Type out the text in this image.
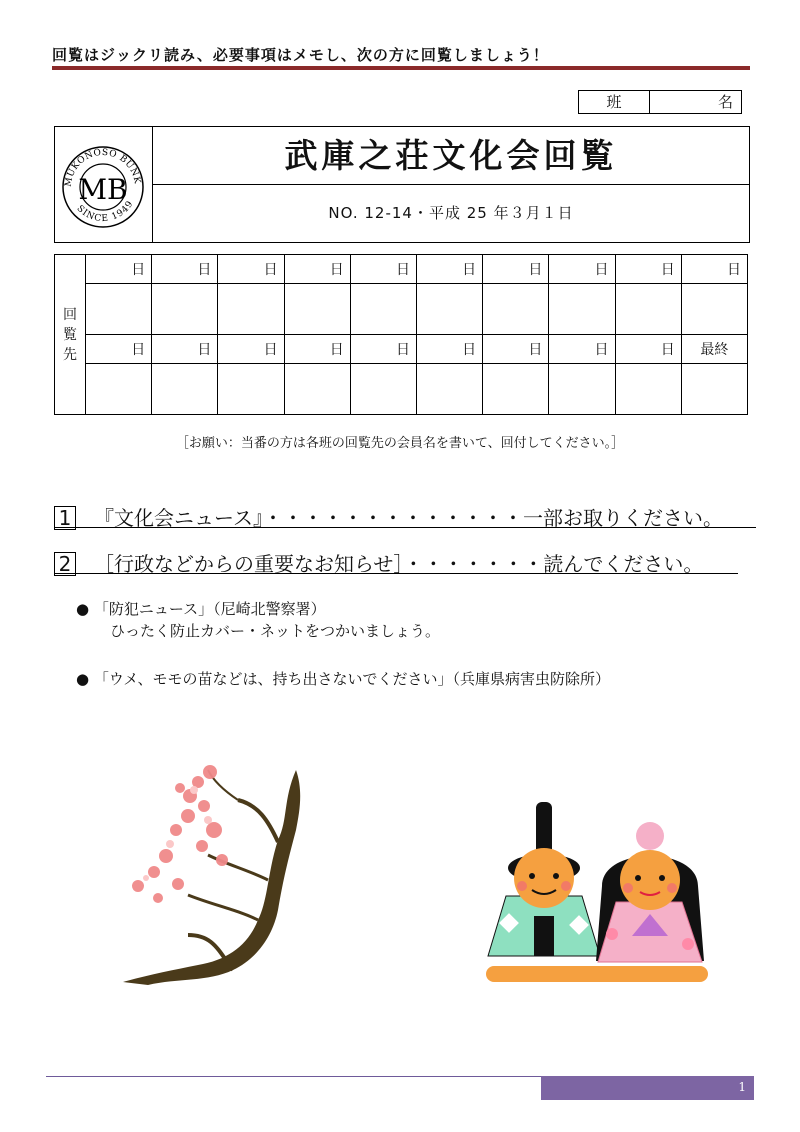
回覧はジックリ読み、必要事項はメモし、次の方に回覧しましょう！
班	名
MB
MUKONOSO BUNK
SINCE 1949
武庫之荘文化会回覧
NO. 12-14・平成 25 年３月１日
回
覧
先	日	日	日	日	日	日	日	日	日	日

	日	日	日	日	日	日	日	日	日	最終

［お願い：当番の方は各班の回覧先の会員名を書いて、回付してください。］
1 『文化会ニュース』・・・・・・・・・・・・・一部お取りください。
2 ［行政などからの重要なお知らせ］・・・・・・・読んでください。
● 「防犯ニュース」（尼崎北警察署）
ひったく防止カバー・ネットをつかいましょう。
● 「ウメ、モモの苗などは、持ち出さないでください」（兵庫県病害虫防除所）
1
